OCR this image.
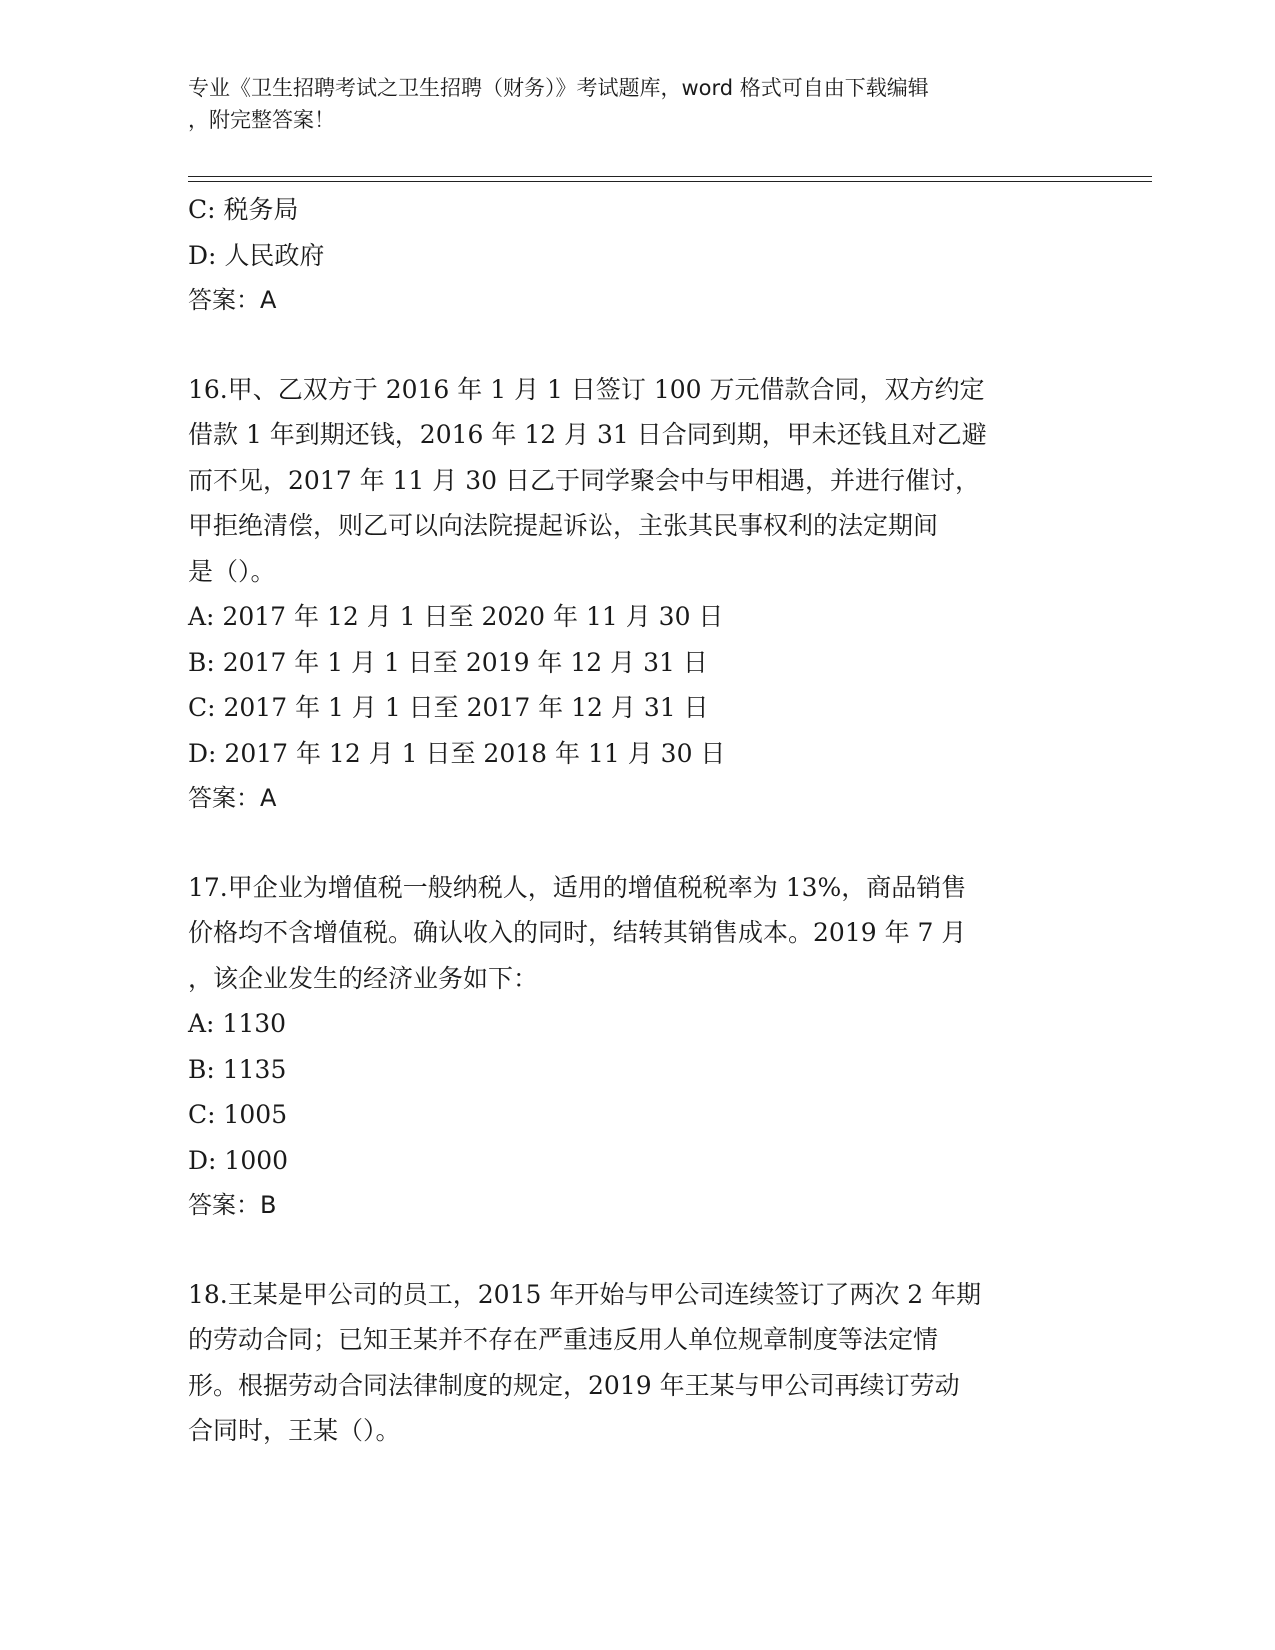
专业《卫生招聘考试之卫生招聘（财务）》考试题库，word 格式可自由下载编辑
，附完整答案！
C: 税务局
D: 人民政府
答案：A
16.甲、乙双方于 2016 年 1 月 1 日签订 100 万元借款合同，双方约定
借款 1 年到期还钱，2016 年 12 月 31 日合同到期，甲未还钱且对乙避
而不见，2017 年 11 月 30 日乙于同学聚会中与甲相遇，并进行催讨，
甲拒绝清偿，则乙可以向法院提起诉讼，主张其民事权利的法定期间
是（）。
A: 2017 年 12 月 1 日至 2020 年 11 月 30 日
B: 2017 年 1 月 1 日至 2019 年 12 月 31 日
C: 2017 年 1 月 1 日至 2017 年 12 月 31 日
D: 2017 年 12 月 1 日至 2018 年 11 月 30 日
答案：A
17.甲企业为增值税一般纳税人，适用的增值税税率为 13%，商品销售
价格均不含增值税。确认收入的同时，结转其销售成本。2019 年 7 月
，该企业发生的经济业务如下：
A: 1130
B: 1135
C: 1005
D: 1000
答案：B
18.王某是甲公司的员工，2015 年开始与甲公司连续签订了两次 2 年期
的劳动合同；已知王某并不存在严重违反用人单位规章制度等法定情
形。根据劳动合同法律制度的规定，2019 年王某与甲公司再续订劳动
合同时，王某（）。
